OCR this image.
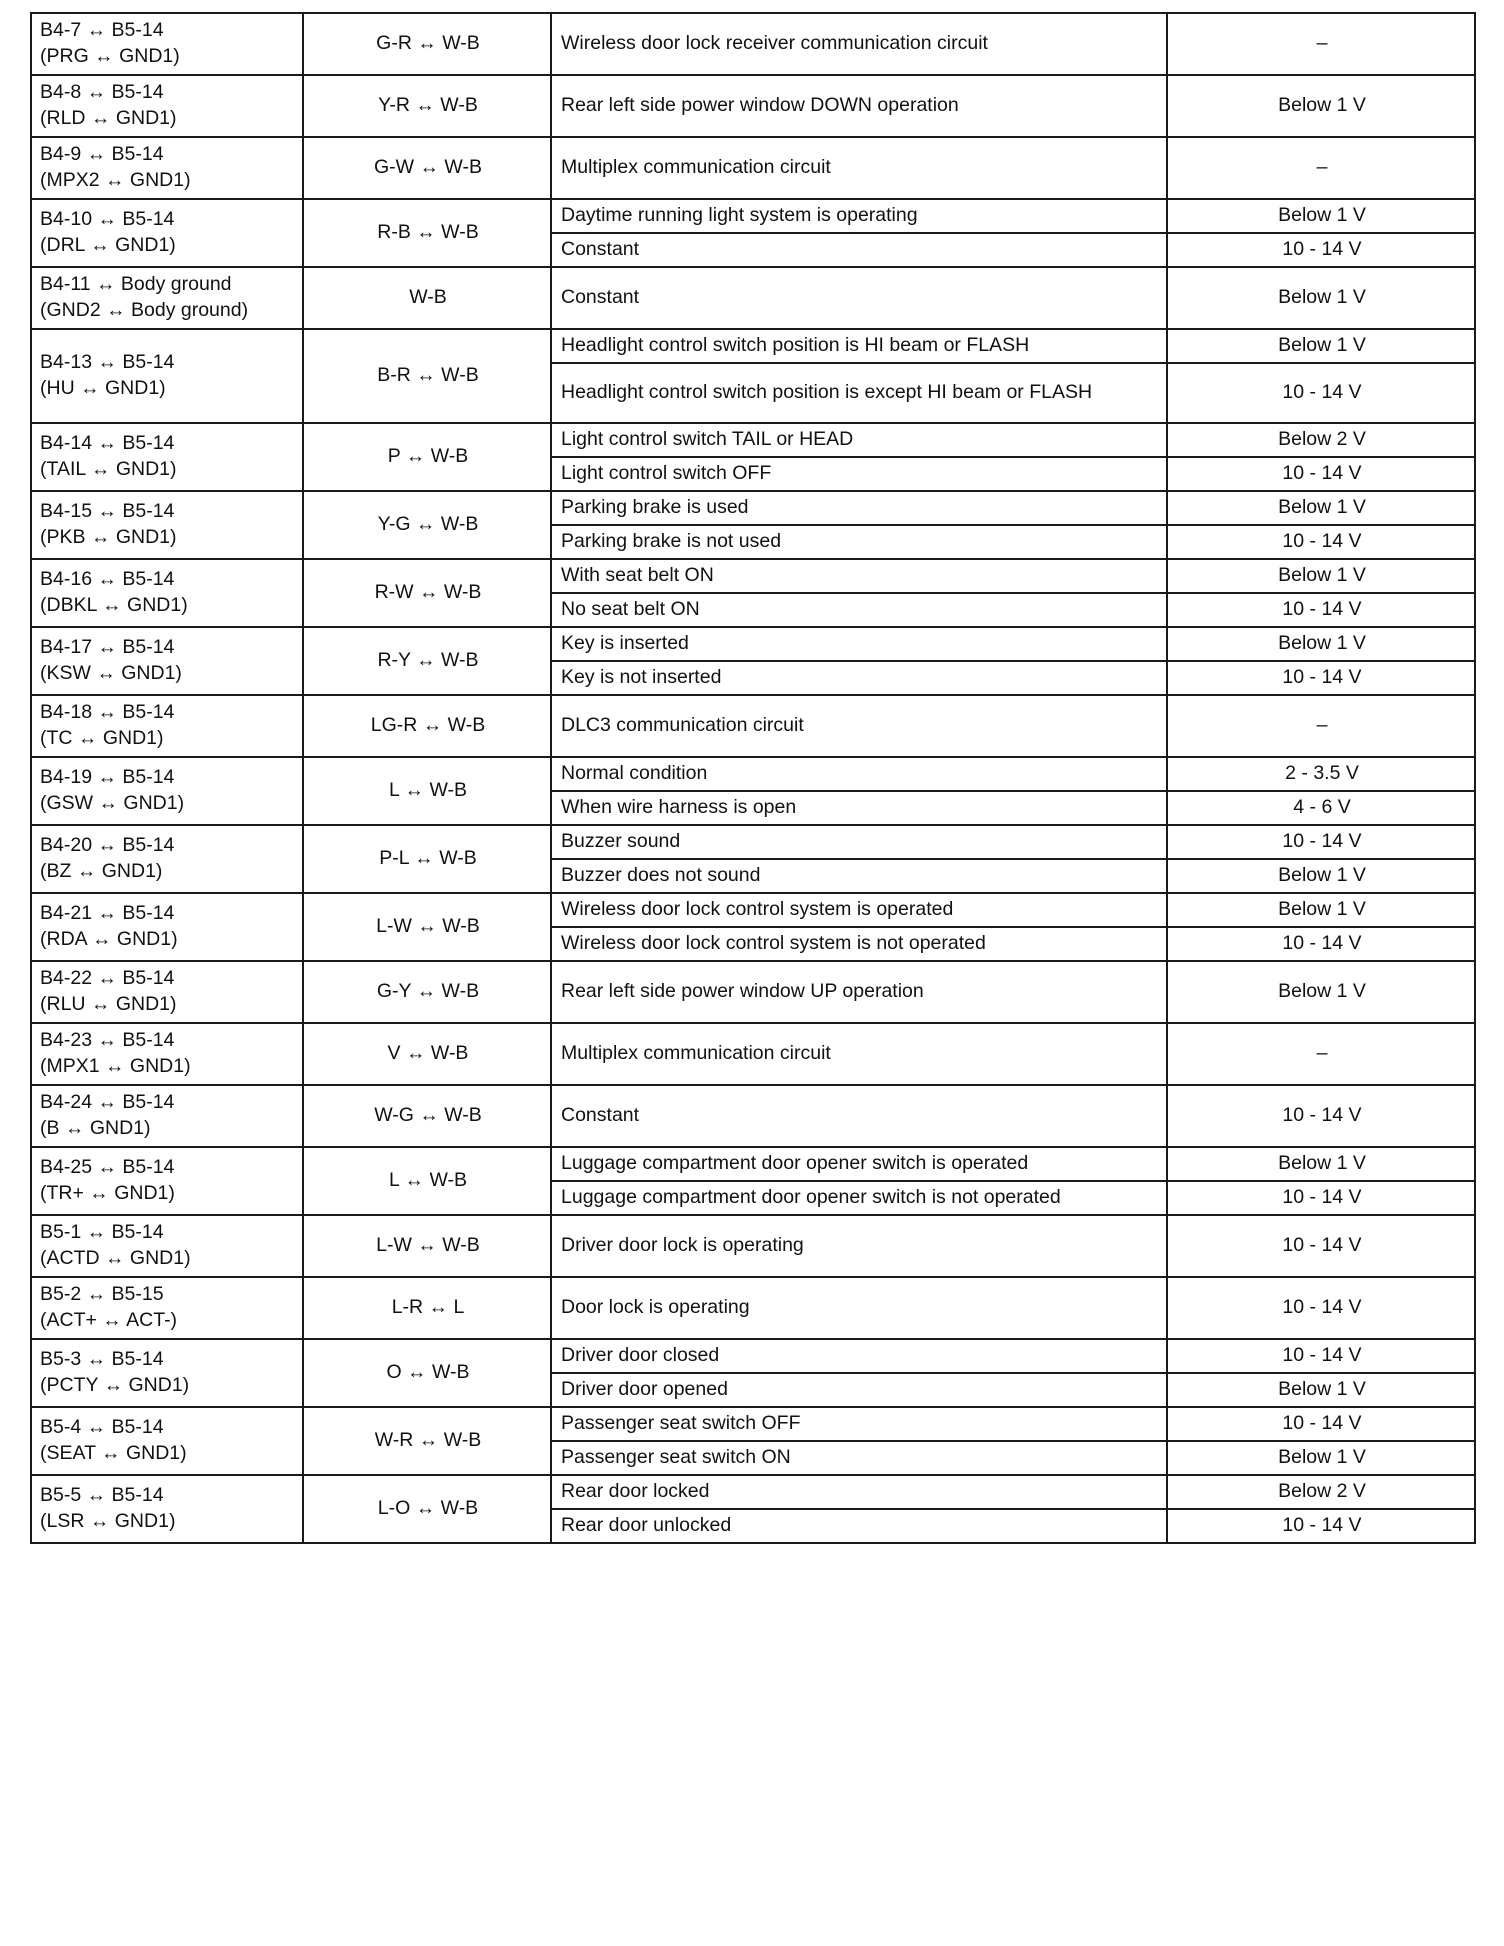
B4-7 ↔ B5-14
(PRG ↔ GND1)	G-R ↔ W-B	Wireless door lock receiver communication circuit	–

B4-8 ↔ B5-14
(RLD ↔ GND1)	Y-R ↔ W-B	Rear left side power window DOWN operation	Below 1 V

B4-9 ↔ B5-14
(MPX2 ↔ GND1)	G-W ↔ W-B	Multiplex communication circuit	–

B4-10 ↔ B5-14
(DRL ↔ GND1)	R-B ↔ W-B	Daytime running light system is operating	Below 1 V
		Constant	10 - 14 V

B4-11 ↔ Body ground
(GND2 ↔ Body ground)	W-B	Constant	Below 1 V

B4-13 ↔ B5-14
(HU ↔ GND1)	B-R ↔ W-B	Headlight control switch position is HI beam or FLASH	Below 1 V
		Headlight control switch position is except HI beam or FLASH	10 - 14 V

B4-14 ↔ B5-14
(TAIL ↔ GND1)	P ↔ W-B	Light control switch TAIL or HEAD	Below 2 V
		Light control switch OFF	10 - 14 V

B4-15 ↔ B5-14
(PKB ↔ GND1)	Y-G ↔ W-B	Parking brake is used	Below 1 V
		Parking brake is not used	10 - 14 V

B4-16 ↔ B5-14
(DBKL ↔ GND1)	R-W ↔ W-B	With seat belt ON	Below 1 V
		No seat belt ON	10 - 14 V

B4-17 ↔ B5-14
(KSW ↔ GND1)	R-Y ↔ W-B	Key is inserted	Below 1 V
		Key is not inserted	10 - 14 V

B4-18 ↔ B5-14
(TC ↔ GND1)	LG-R ↔ W-B	DLC3 communication circuit	–

B4-19 ↔ B5-14
(GSW ↔ GND1)	L ↔ W-B	Normal condition	2 - 3.5 V
		When wire harness is open	4 - 6 V

B4-20 ↔ B5-14
(BZ ↔ GND1)	P-L ↔ W-B	Buzzer sound	10 - 14 V
		Buzzer does not sound	Below 1 V

B4-21 ↔ B5-14
(RDA ↔ GND1)	L-W ↔ W-B	Wireless door lock control system is operated	Below 1 V
		Wireless door lock control system is not operated	10 - 14 V

B4-22 ↔ B5-14
(RLU ↔ GND1)	G-Y ↔ W-B	Rear left side power window UP operation	Below 1 V

B4-23 ↔ B5-14
(MPX1 ↔ GND1)	V ↔ W-B	Multiplex communication circuit	–

B4-24 ↔ B5-14
(B ↔ GND1)	W-G ↔ W-B	Constant	10 - 14 V

B4-25 ↔ B5-14
(TR+ ↔ GND1)	L ↔ W-B	Luggage compartment door opener switch is operated	Below 1 V
		Luggage compartment door opener switch is not operated	10 - 14 V

B5-1 ↔ B5-14
(ACTD ↔ GND1)	L-W ↔ W-B	Driver door lock is operating	10 - 14 V

B5-2 ↔ B5-15
(ACT+ ↔ ACT-)	L-R ↔ L	Door lock is operating	10 - 14 V

B5-3 ↔ B5-14
(PCTY ↔ GND1)	O ↔ W-B	Driver door closed	10 - 14 V
		Driver door opened	Below 1 V

B5-4 ↔ B5-14
(SEAT ↔ GND1)	W-R ↔ W-B	Passenger seat switch OFF	10 - 14 V
		Passenger seat switch ON	Below 1 V

B5-5 ↔ B5-14
(LSR ↔ GND1)	L-O ↔ W-B	Rear door locked	Below 2 V
		Rear door unlocked	10 - 14 V
